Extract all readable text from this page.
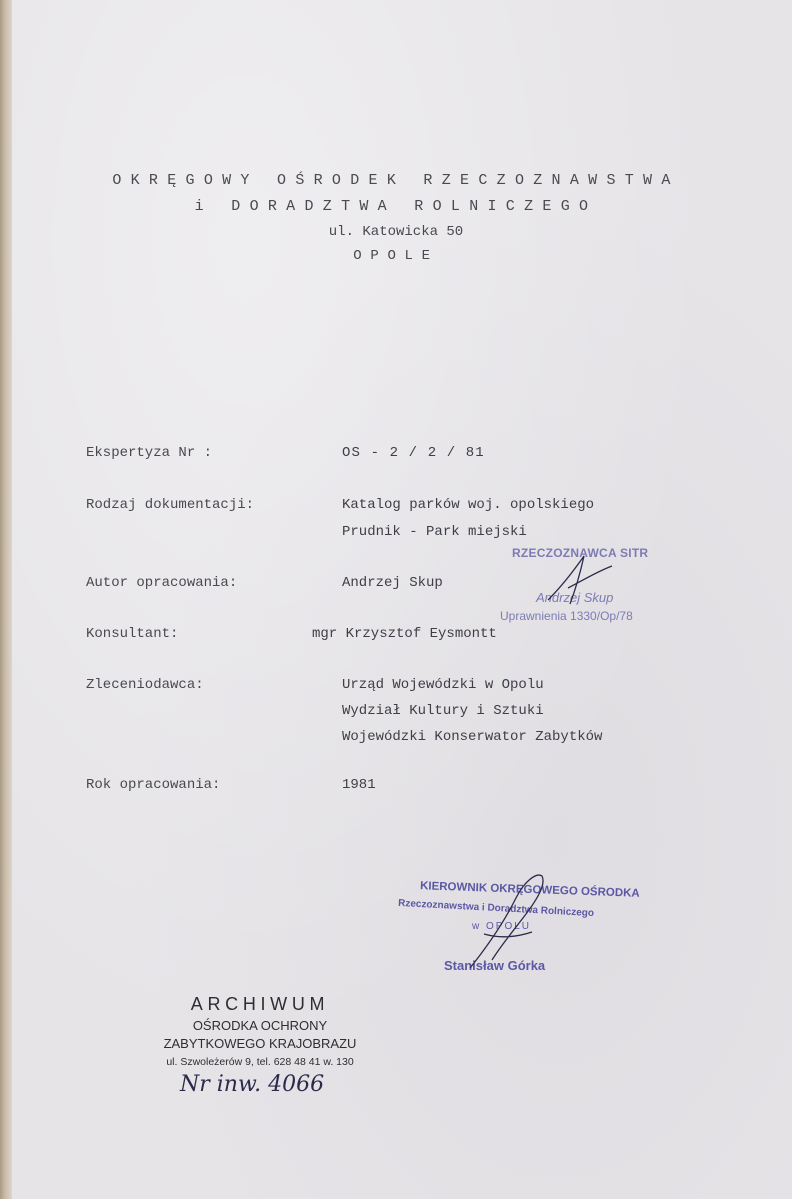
OKRĘGOWY OŚRODEK RZECZOZNAWSTWA
i DORADZTWA ROLNICZEGO
ul. Katowicka 50
OPOLE
Ekspertyza Nr :	OS - 2 / 2 / 81
Rodzaj dokumentacji:	Katalog parków woj. opolskiego
Prudnik - Park miejski
Autor opracowania:	Andrzej Skup
Konsultant:	mgr Krzysztof Eysmontt
Zleceniodawca:	Urząd Wojewódzki w Opolu
Wydział Kultury i Sztuki
Wojewódzki Konserwator Zabytków
Rok opracowania:	1981
RZECZOZNAWCA SITR
Andrzej Skup
Uprawnienia 1330/Op/78
KIEROWNIK OKRĘGOWEGO OŚRODKA
Rzeczoznawstwa i Doradztwa Rolniczego
w OPOLU
Stanisław Górka
ARCHIWUM
OŚRODKA OCHRONY
ZABYTKOWEGO KRAJOBRAZU
ul. Szwoleżerów 9, tel. 628 48 41 w. 130
Nr inw. 4066
